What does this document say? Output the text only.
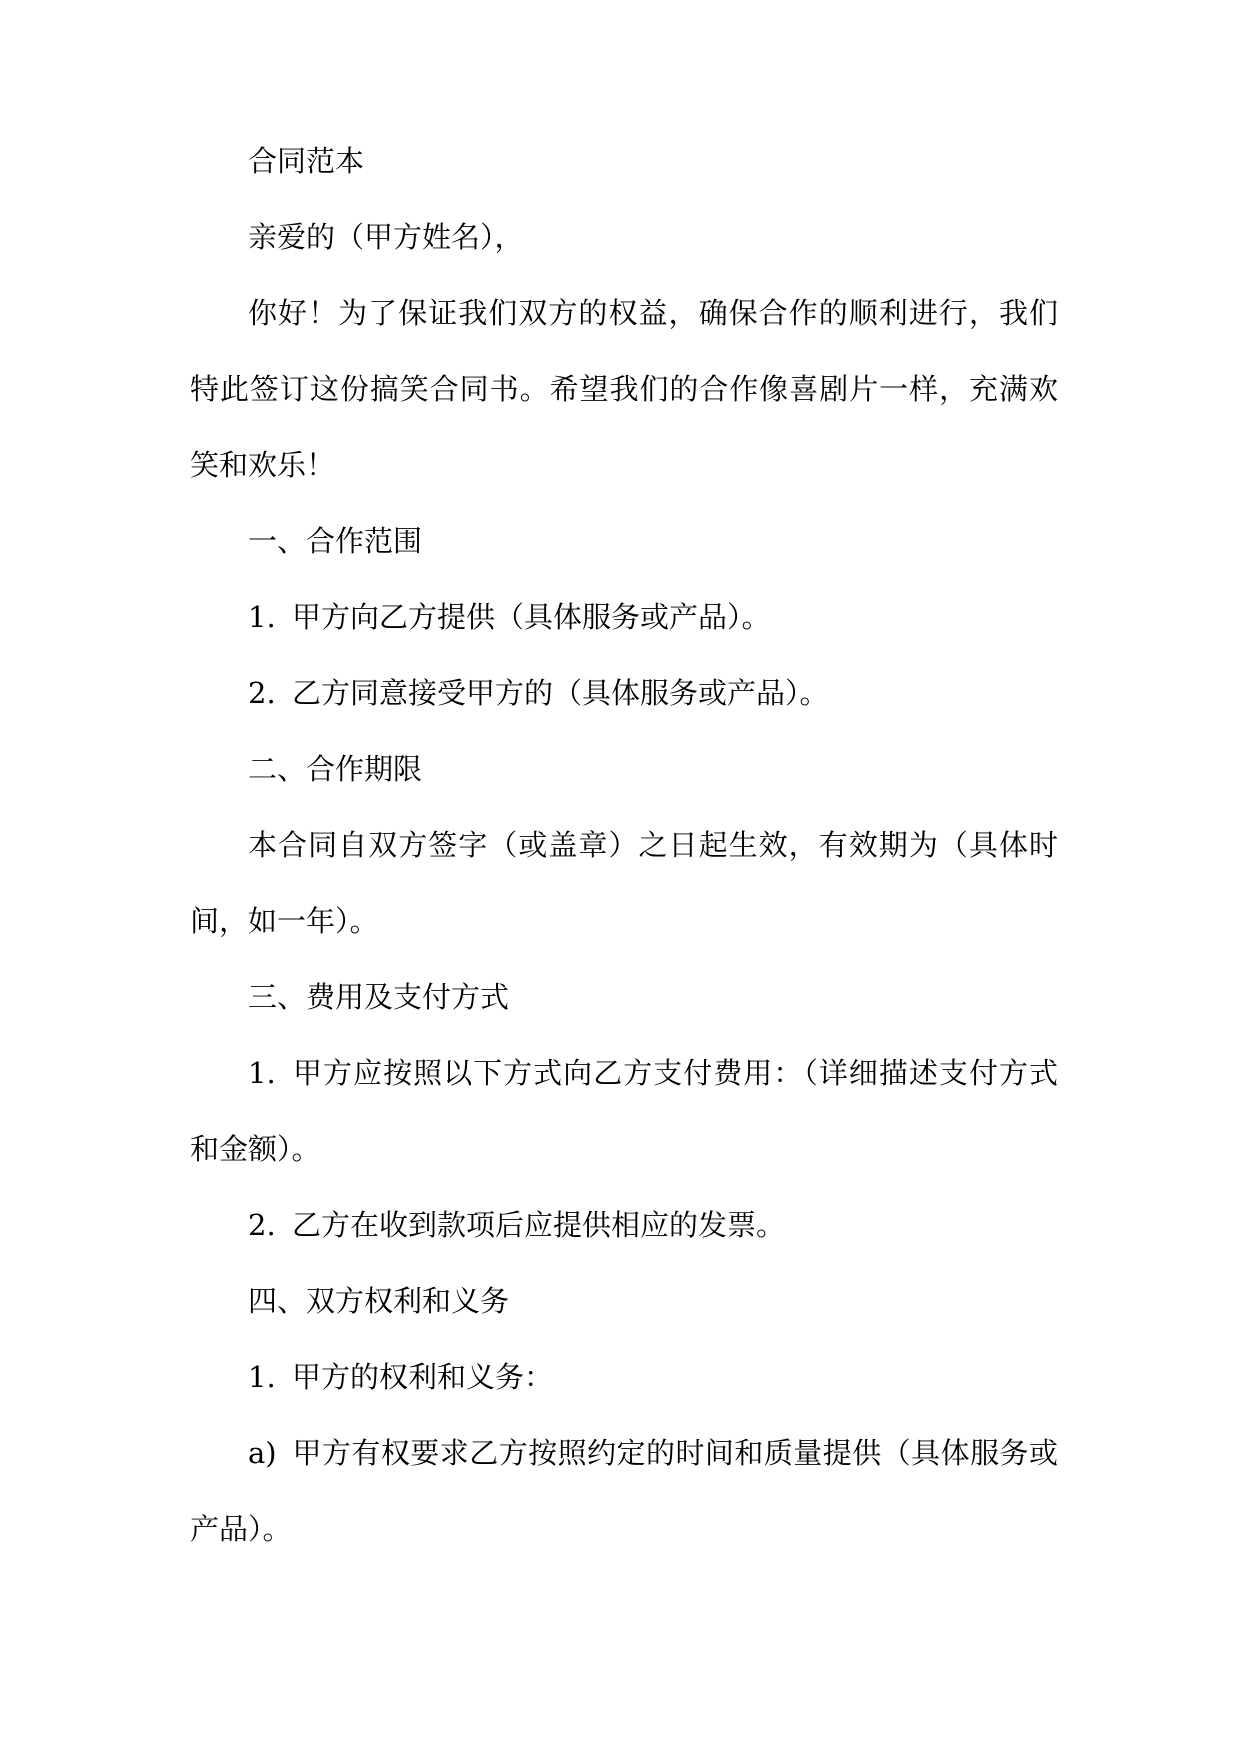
合同范本

亲爱的（甲方姓名），

你好！为了保证我们双方的权益，确保合作的顺利进行，我们特此签订这份搞笑合同书。希望我们的合作像喜剧片一样，充满欢笑和欢乐！

一、合作范围

1. 甲方向乙方提供（具体服务或产品）。

2. 乙方同意接受甲方的（具体服务或产品）。

二、合作期限

本合同自双方签字（或盖章）之日起生效，有效期为（具体时间，如一年）。

三、费用及支付方式

1. 甲方应按照以下方式向乙方支付费用：（详细描述支付方式和金额）。

2. 乙方在收到款项后应提供相应的发票。

四、双方权利和义务

1. 甲方的权利和义务：

a) 甲方有权要求乙方按照约定的时间和质量提供（具体服务或产品）。
